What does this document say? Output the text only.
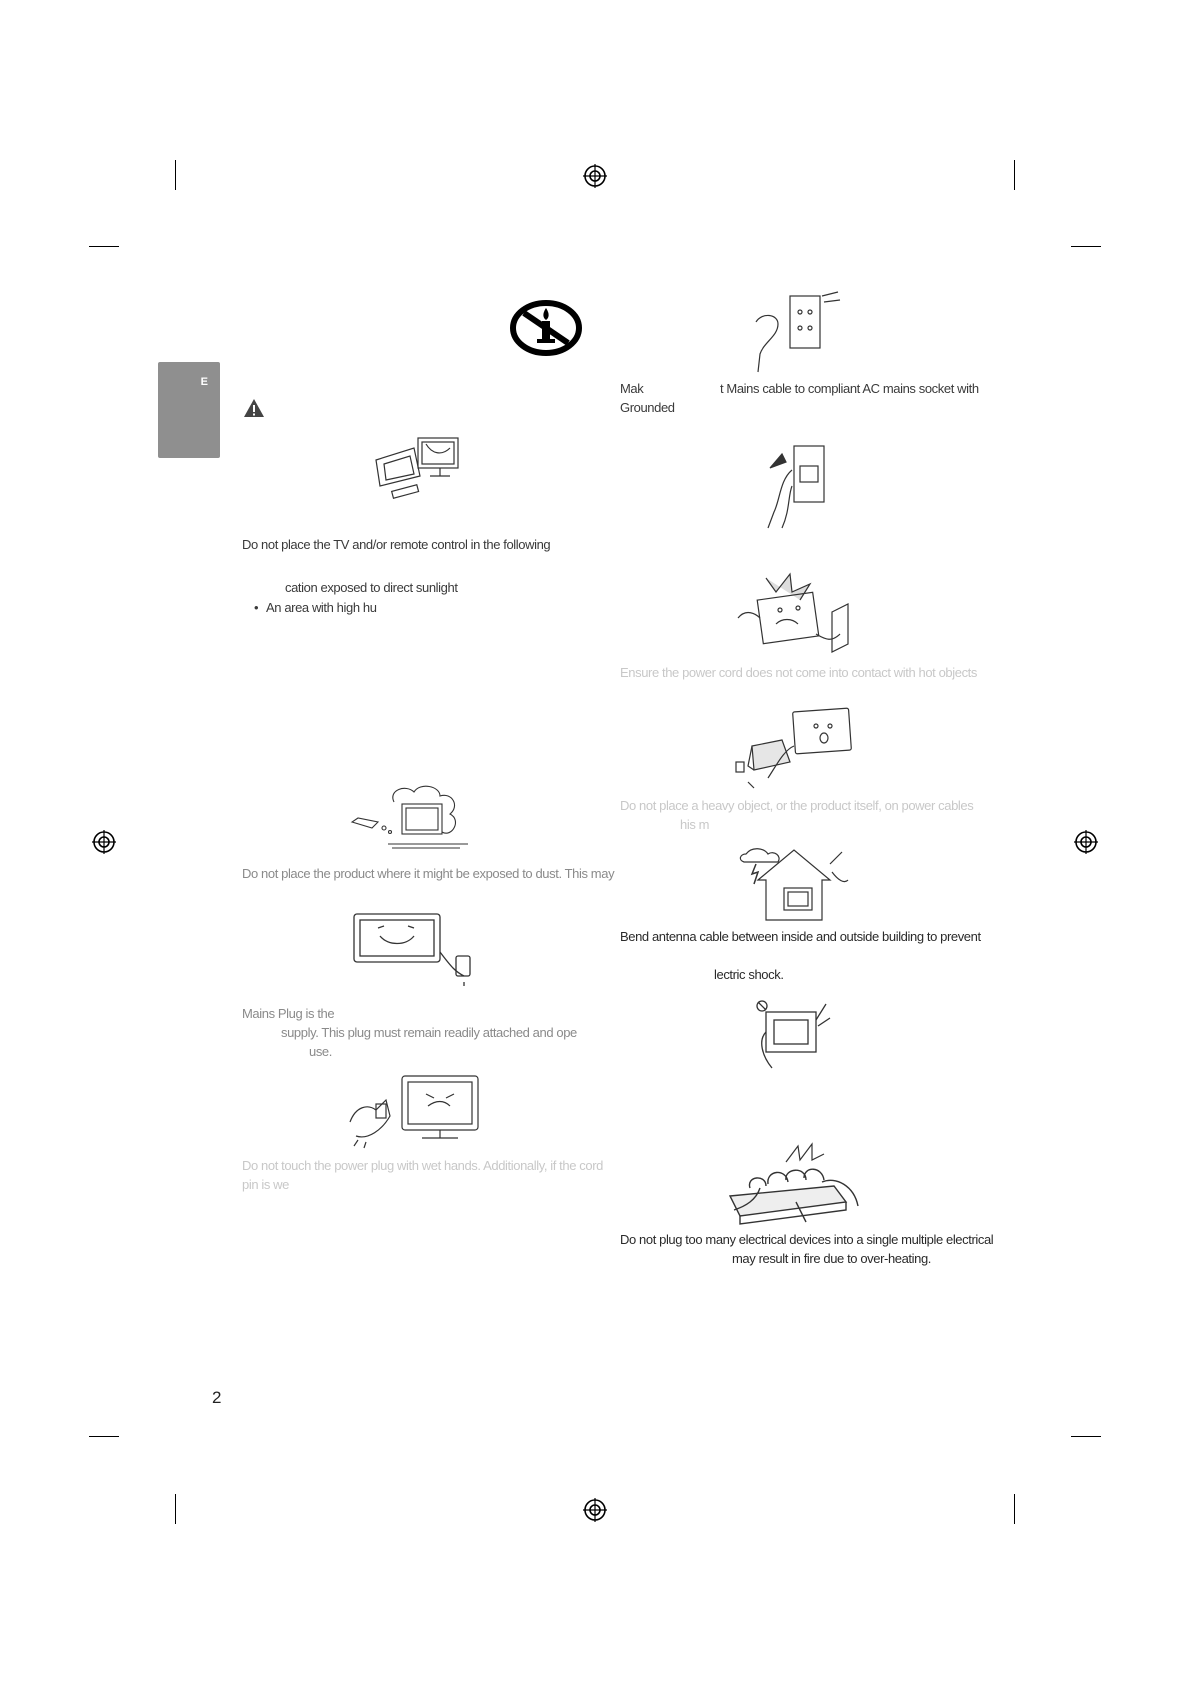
E
Do not place the TV and/or remote control in the following
cation exposed to direct sunlight
• An area with high hu
Do not place the product where it might be exposed to dust. This may
Mains Plug is the
supply. This plug must remain readily attached and ope
use.
Do not touch the power plug with wet hands. Additionally, if the cord
pin is we
Mak	t Mains cable to compliant AC mains socket with
Grounded
Ensure the power cord does not come into contact with hot objects
Do not place a heavy object, or the product itself, on power cables
his m
Bend antenna cable between inside and outside building to prevent
lectric shock.
Do not plug too many electrical devices into a single multiple electrical
may result in fire due to over-heating.
2
